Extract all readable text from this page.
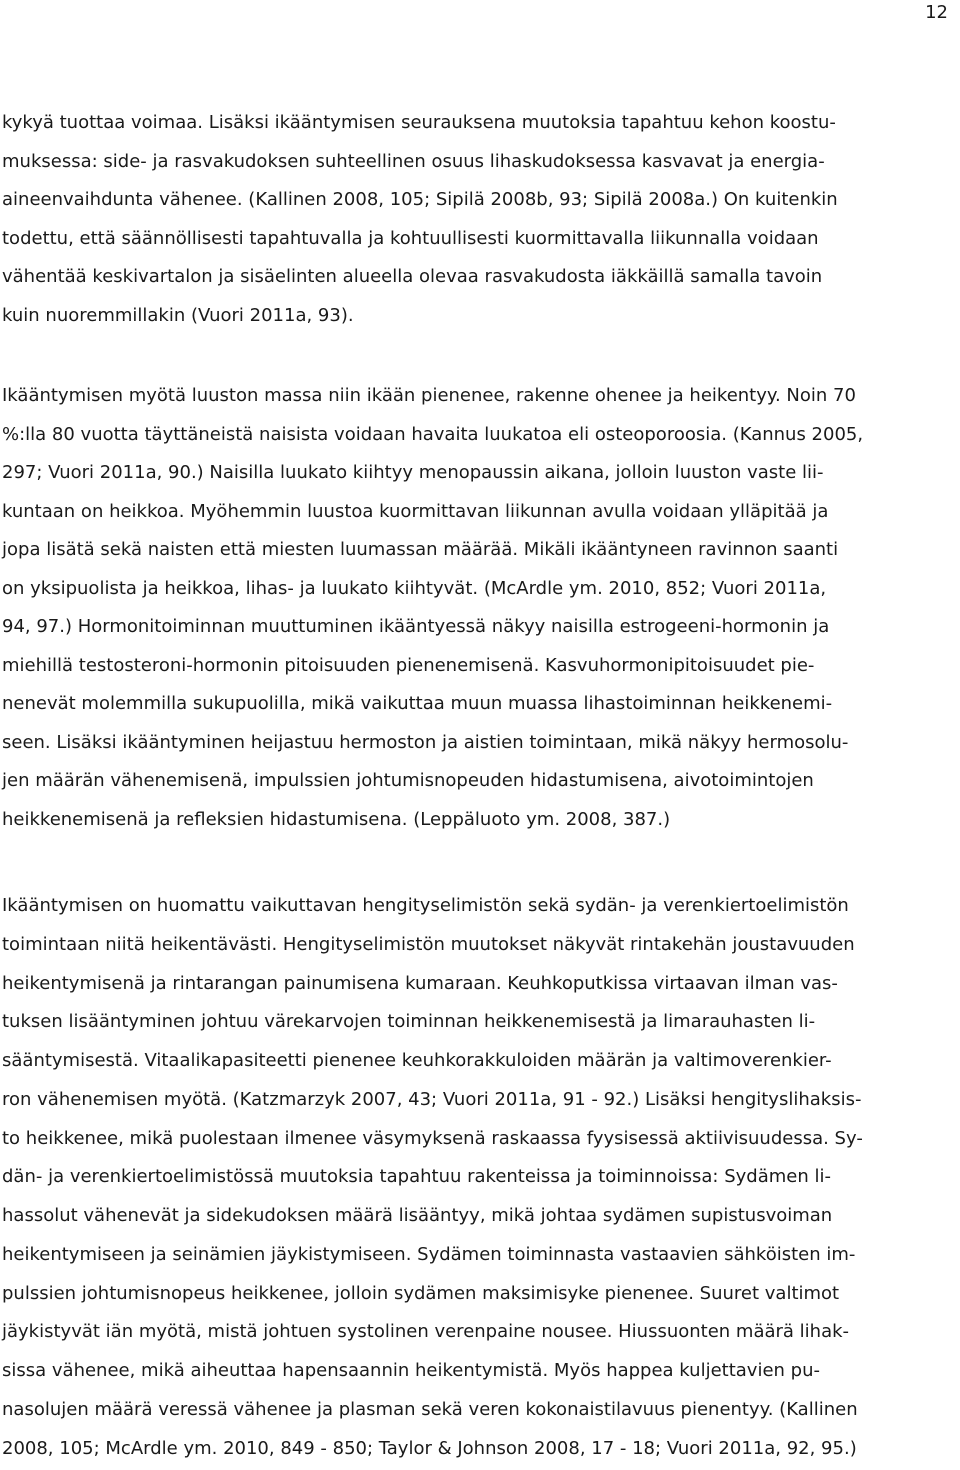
12
kykyä tuottaa voimaa. Lisäksi ikääntymisen seurauksena muutoksia tapahtuu kehon koostu-
muksessa: side- ja rasvakudoksen suhteellinen osuus lihaskudoksessa kasvavat ja energia-
aineenvaihdunta vähenee. (Kallinen 2008, 105; Sipilä 2008b, 93; Sipilä 2008a.) On kuitenkin
todettu, että säännöllisesti tapahtuvalla ja kohtuullisesti kuormittavalla liikunnalla voidaan
vähentää keskivartalon ja sisäelinten alueella olevaa rasvakudosta iäkkäillä samalla tavoin
kuin nuoremmillakin (Vuori 2011a, 93).
Ikääntymisen myötä luuston massa niin ikään pienenee, rakenne ohenee ja heikentyy. Noin 70
%:lla 80 vuotta täyttäneistä naisista voidaan havaita luukatoa eli osteoporoosia. (Kannus 2005,
297; Vuori 2011a, 90.) Naisilla luukato kiihtyy menopaussin aikana, jolloin luuston vaste lii-
kuntaan on heikkoa. Myöhemmin luustoa kuormittavan liikunnan avulla voidaan ylläpitää ja
jopa lisätä sekä naisten että miesten luumassan määrää. Mikäli ikääntyneen ravinnon saanti
on yksipuolista ja heikkoa, lihas- ja luukato kiihtyvät. (McArdle ym. 2010, 852; Vuori 2011a,
94, 97.) Hormonitoiminnan muuttuminen ikääntyessä näkyy naisilla estrogeeni-hormonin ja
miehillä testosteroni-hormonin pitoisuuden pienenemisenä. Kasvuhormonipitoisuudet pie-
nenevät molemmilla sukupuolilla, mikä vaikuttaa muun muassa lihastoiminnan heikkenemi-
seen. Lisäksi ikääntyminen heijastuu hermoston ja aistien toimintaan, mikä näkyy hermosolu-
jen määrän vähenemisenä, impulssien johtumisnopeuden hidastumisena, aivotoimintojen
heikkenemisenä ja refleksien hidastumisena. (Leppäluoto ym. 2008, 387.)
Ikääntymisen on huomattu vaikuttavan hengityselimistön sekä sydän- ja verenkiertoelimistön
toimintaan niitä heikentävästi. Hengityselimistön muutokset näkyvät rintakehän joustavuuden
heikentymisenä ja rintarangan painumisena kumaraan. Keuhkoputkissa virtaavan ilman vas-
tuksen lisääntyminen johtuu värekarvojen toiminnan heikkenemisestä ja limarauhasten li-
sääntymisestä. Vitaalikapasiteetti pienenee keuhkorakkuloiden määrän ja valtimoverenkier-
ron vähenemisen myötä. (Katzmarzyk 2007, 43; Vuori 2011a, 91 - 92.) Lisäksi hengityslihaksis-
to heikkenee, mikä puolestaan ilmenee väsymyksenä raskaassa fyysisessä aktiivisuudessa. Sy-
dän- ja verenkiertoelimistössä muutoksia tapahtuu rakenteissa ja toiminnoissa: Sydämen li-
hassolut vähenevät ja sidekudoksen määrä lisääntyy, mikä johtaa sydämen supistusvoiman
heikentymiseen ja seinämien jäykistymiseen. Sydämen toiminnasta vastaavien sähköisten im-
pulssien johtumisnopeus heikkenee, jolloin sydämen maksimisyke pienenee. Suuret valtimot
jäykistyvät iän myötä, mistä johtuen systolinen verenpaine nousee. Hiussuonten määrä lihak-
sissa vähenee, mikä aiheuttaa hapensaannin heikentymistä. Myös happea kuljettavien pu-
nasolujen määrä veressä vähenee ja plasman sekä veren kokonaistilavuus pienentyy. (Kallinen
2008, 105; McArdle ym. 2010, 849 - 850; Taylor & Johnson 2008, 17 - 18; Vuori 2011a, 92, 95.)
